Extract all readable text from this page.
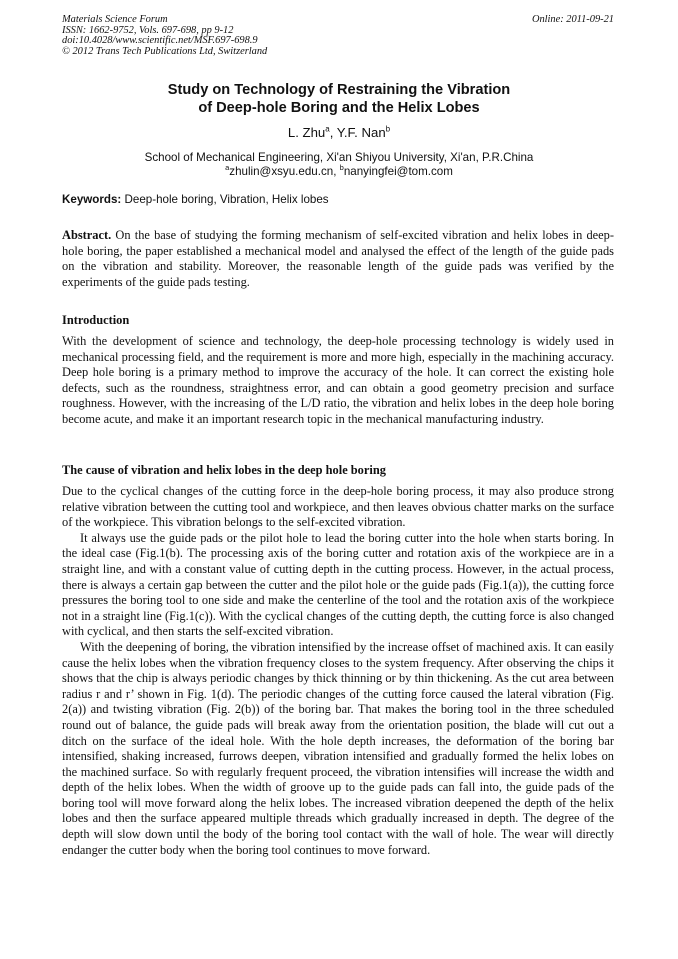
Materials Science Forum
ISSN: 1662-9752, Vols. 697-698, pp 9-12
doi:10.4028/www.scientific.net/MSF.697-698.9
© 2012 Trans Tech Publications Ltd, Switzerland
Online: 2011-09-21
Study on Technology of Restraining the Vibration
of Deep-hole Boring and the Helix Lobes
L. Zhu$^a$, Y.F. Nan$^b$
School of Mechanical Engineering, Xi'an Shiyou University, Xi'an, P.R.China
$^a$zhulin@xsyu.edu.cn, $^b$nanyingfei@tom.com
Keywords: Deep-hole boring, Vibration, Helix lobes

Abstract. On the base of studying the forming mechanism of self-excited vibration and helix lobes in deep-hole boring, the paper established a mechanical model and analysed the effect of the length of the guide pads on the vibration and stability. Moreover, the reasonable length of the guide pads was verified by the experiments of the guide pads testing.

Introduction

With the development of science and technology, the deep-hole processing technology is widely used in mechanical processing field, and the requirement is more and more high, especially in the machining accuracy. Deep hole boring is a primary method to improve the accuracy of the hole. It can correct the existing hole defects, such as the roundness, straightness error, and can obtain a good geometry precision and surface roughness. However, with the increasing of the L/D ratio, the vibration and helix lobes in the deep hole boring become acute, and make it an important research topic in the mechanical manufacturing industry.

The cause of vibration and helix lobes in the deep hole boring

Due to the cyclical changes of the cutting force in the deep-hole boring process, it may also produce strong relative vibration between the cutting tool and workpiece, and then leaves obvious chatter marks on the surface of the workpiece. This vibration belongs to the self-excited vibration.

It always use the guide pads or the pilot hole to lead the boring cutter into the hole when starts boring. In the ideal case (Fig.1(b). The processing axis of the boring cutter and rotation axis of the workpiece are in a straight line, and with a constant value of cutting depth in the cutting process. However, in the actual process, there is always a certain gap between the cutter and the pilot hole or the guide pads (Fig.1(a)), the cutting force pressures the boring tool to one side and make the centerline of the tool and the rotation axis of the workpiece not in a straight line (Fig.1(c)). With the cyclical changes of the cutting depth, the cutting force is also changed with cyclical, and then starts the self-excited vibration.

With the deepening of boring, the vibration intensified by the increase offset of machined axis. It can easily cause the helix lobes when the vibration frequency closes to the system frequency. After observing the chips it shows that the chip is always periodic changes by thick thinning or by thin thickening. As the cut area between radius r and r’ shown in Fig. 1(d). The periodic changes of the cutting force caused the lateral vibration (Fig. 2(a)) and twisting vibration (Fig. 2(b)) of the boring bar. That makes the boring tool in the three scheduled round out of balance, the guide pads will break away from the orientation position, the blade will cut out a ditch on the surface of the ideal hole. With the hole depth increases, the deformation of the boring bar intensified, shaking increased, furrows deepen, vibration intensified and gradually formed the helix lobes on the machined surface. So with regularly frequent proceed, the vibration intensifies will increase the width and depth of the helix lobes. When the width of groove up to the guide pads can fall into, the guide pads of the boring tool will move forward along the helix lobes. The increased vibration deepened the depth of the helix lobes and then the surface appeared multiple threads which gradually increased in depth. The degree of the depth will slow down until the body of the boring tool contact with the wall of hole. The wear will directly endanger the cutter body when the boring tool continues to move forward.
